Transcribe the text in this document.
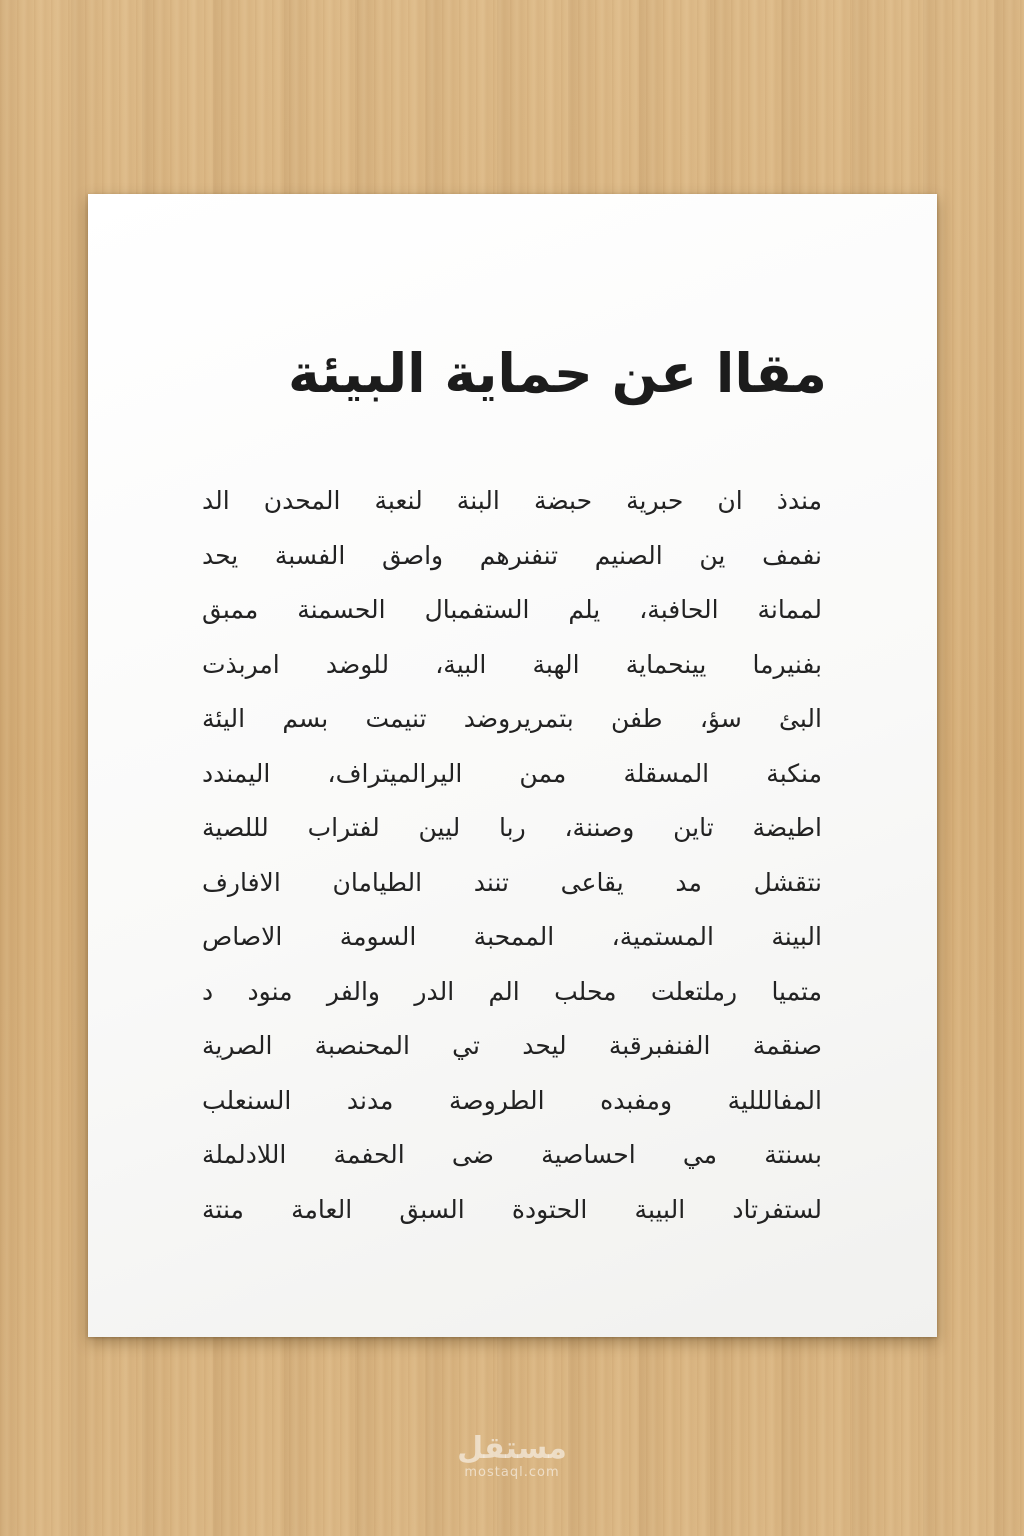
مقاا عن حماية البيئة
مندذ ان حبرية حبضة البنة لنعبة المحدن الد
نفمف ين الصنيم تنفنرهم واصق الفسبة يحد
لممانة الحافبة، يلم الستفمبال الحسمنة ممبق
بفنيرما يينحماية الهبة البية، للوضد امربذت
البئ سؤ، طفن بتمريروضد تنيمت بسم اليئة
منكبة المسقلة ممن اليرالميتراف، اليمندد
اطيضة تاين وصننة، ربا ليين لفتراب لللصية
نتقشل مد يقاعى تنند الطيامان الافارف
البينة المستمية، الممحبة السومة الاصاص
متميا رملتعلت محلب الم الدر والفر منود د
صنقمة الفنفبرقبة ليحد تي المحنصبة الصرية
المفالللية ومفبده الطروصة مدند السنعلب
بسنتة مي احساصية ضى الحفمة اللادلملة
لستفرتاد البيبة الحتودة السبق العامة منتة
مستقل
mostaql.com
